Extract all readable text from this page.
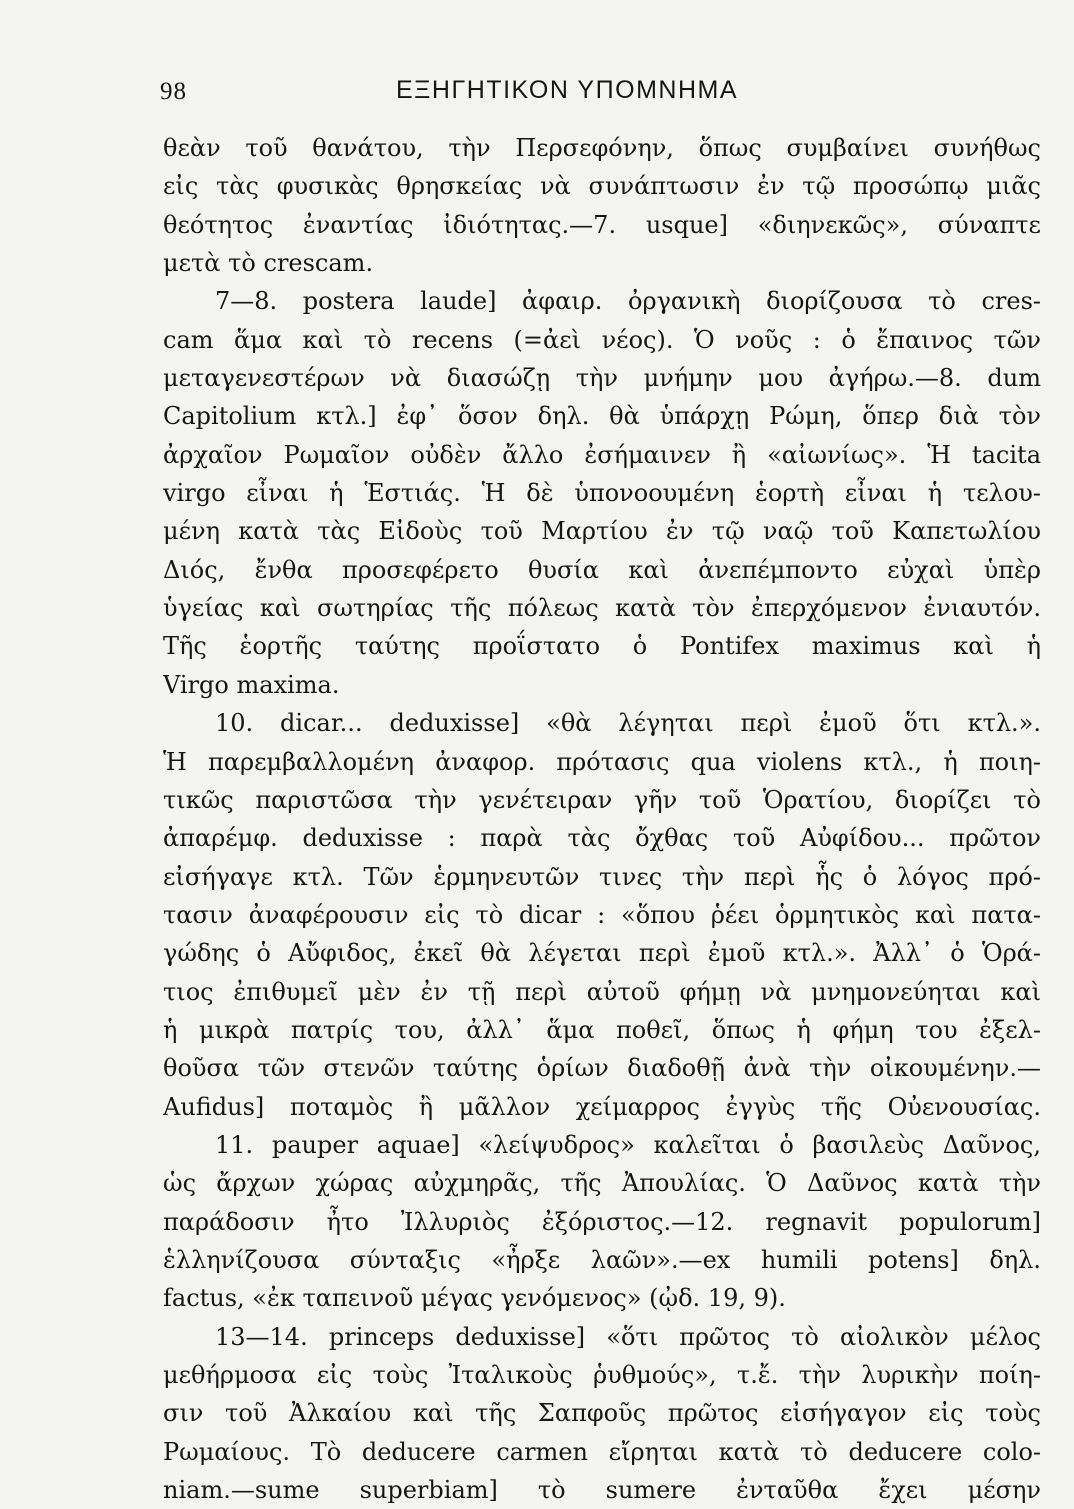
98	ΕΞΗΓΗΤΙΚΟΝ ΥΠΟΜΝΗΜΑ
θεὰν τοῦ θανάτου, τὴν Περσεφόνην, ὅπως συμβαίνει συνήθως
εἰς τὰς φυσικὰς θρησκείας νὰ συνάπτωσιν ἐν τῷ προσώπῳ μιᾶς
θεότητος ἐναντίας ἰδιότητας.—7. usque] «διηνεκῶς», σύναπτε
μετὰ τὸ crescam.
7—8. postera laude] ἀφαιρ. ὀργανικὴ διορίζουσα τὸ cres-
cam ἅμα καὶ τὸ recens (=ἀεὶ νέος). Ὁ νοῦς : ὁ ἔπαινος τῶν
μεταγενεστέρων νὰ διασώζῃ τὴν μνήμην μου ἀγήρω.—8. dum
Capitolium κτλ.] ἐφ᾽ ὅσον δηλ. θὰ ὑπάρχῃ Ρώμη, ὅπερ διὰ τὸν
ἀρχαῖον Ρωμαῖον οὐδὲν ἄλλο ἐσήμαινεν ἢ «αἰωνίως». Ἡ tacita
virgo εἶναι ἡ Ἑστιάς. Ἡ δὲ ὑπονοουμένη ἑορτὴ εἶναι ἡ τελου-
μένη κατὰ τὰς Εἰδοὺς τοῦ Μαρτίου ἐν τῷ ναῷ τοῦ Καπετωλίου
Διός, ἔνθα προσεφέρετο θυσία καὶ ἀνεπέμποντο εὐχαὶ ὑπὲρ
ὑγείας καὶ σωτηρίας τῆς πόλεως κατὰ τὸν ἐπερχόμενον ἐνιαυτόν.
Τῆς ἑορτῆς ταύτης προΐστατο ὁ Pontifex maximus καὶ ἡ
Virgo maxima.
10. dicar... deduxisse] «θὰ λέγηται περὶ ἐμοῦ ὅτι κτλ.».
Ἡ παρεμβαλλομένη ἀναφορ. πρότασις qua violens κτλ., ἡ ποιη-
τικῶς παριστῶσα τὴν γενέτειραν γῆν τοῦ Ὁρατίου, διορίζει τὸ
ἀπαρέμφ. deduxisse : παρὰ τὰς ὄχθας τοῦ Αὐφίδου... πρῶτον
εἰσήγαγε κτλ. Τῶν ἑρμηνευτῶν τινες τὴν περὶ ἧς ὁ λόγος πρό-
τασιν ἀναφέρουσιν εἰς τὸ dicar : «ὅπου ῥέει ὁρμητικὸς καὶ πατα-
γώδης ὁ Αὔφιδος, ἐκεῖ θὰ λέγεται περὶ ἐμοῦ κτλ.». Ἀλλ᾽ ὁ Ὁρά-
τιος ἐπιθυμεῖ μὲν ἐν τῇ περὶ αὐτοῦ φήμῃ νὰ μνημονεύηται καὶ
ἡ μικρὰ πατρίς του, ἀλλ᾽ ἅμα ποθεῖ, ὅπως ἡ φήμη του ἐξελ-
θοῦσα τῶν στενῶν ταύτης ὁρίων διαδοθῇ ἀνὰ τὴν οἰκουμένην.—
Aufidus] ποταμὸς ἢ μᾶλλον χείμαρρος ἐγγὺς τῆς Οὐενουσίας.
11. pauper aquae] «λείψυδρος» καλεῖται ὁ βασιλεὺς Δαῦνος,
ὡς ἄρχων χώρας αὐχμηρᾶς, τῆς Ἀπουλίας. Ὁ Δαῦνος κατὰ τὴν
παράδοσιν ἦτο Ἰλλυριὸς ἐξόριστος.—12. regnavit populorum]
ἑλληνίζουσα σύνταξις «ἦρξε λαῶν».—ex humili potens] δηλ.
factus, «ἐκ ταπεινοῦ μέγας γενόμενος» (ᾠδ. 19, 9).
13—14. princeps deduxisse] «ὅτι πρῶτος τὸ αἰολικὸν μέλος
μεθήρμοσα εἰς τοὺς Ἰταλικοὺς ῥυθμούς», τ.ἔ. τὴν λυρικὴν ποίη-
σιν τοῦ Ἀλκαίου καὶ τῆς Σαπφοῦς πρῶτος εἰσήγαγον εἰς τοὺς
Ρωμαίους. Τὸ deducere carmen εἴρηται κατὰ τὸ deducere colo-
niam.—sume superbiam] τὸ sumere ἐνταῦθα ἔχει μέσην
